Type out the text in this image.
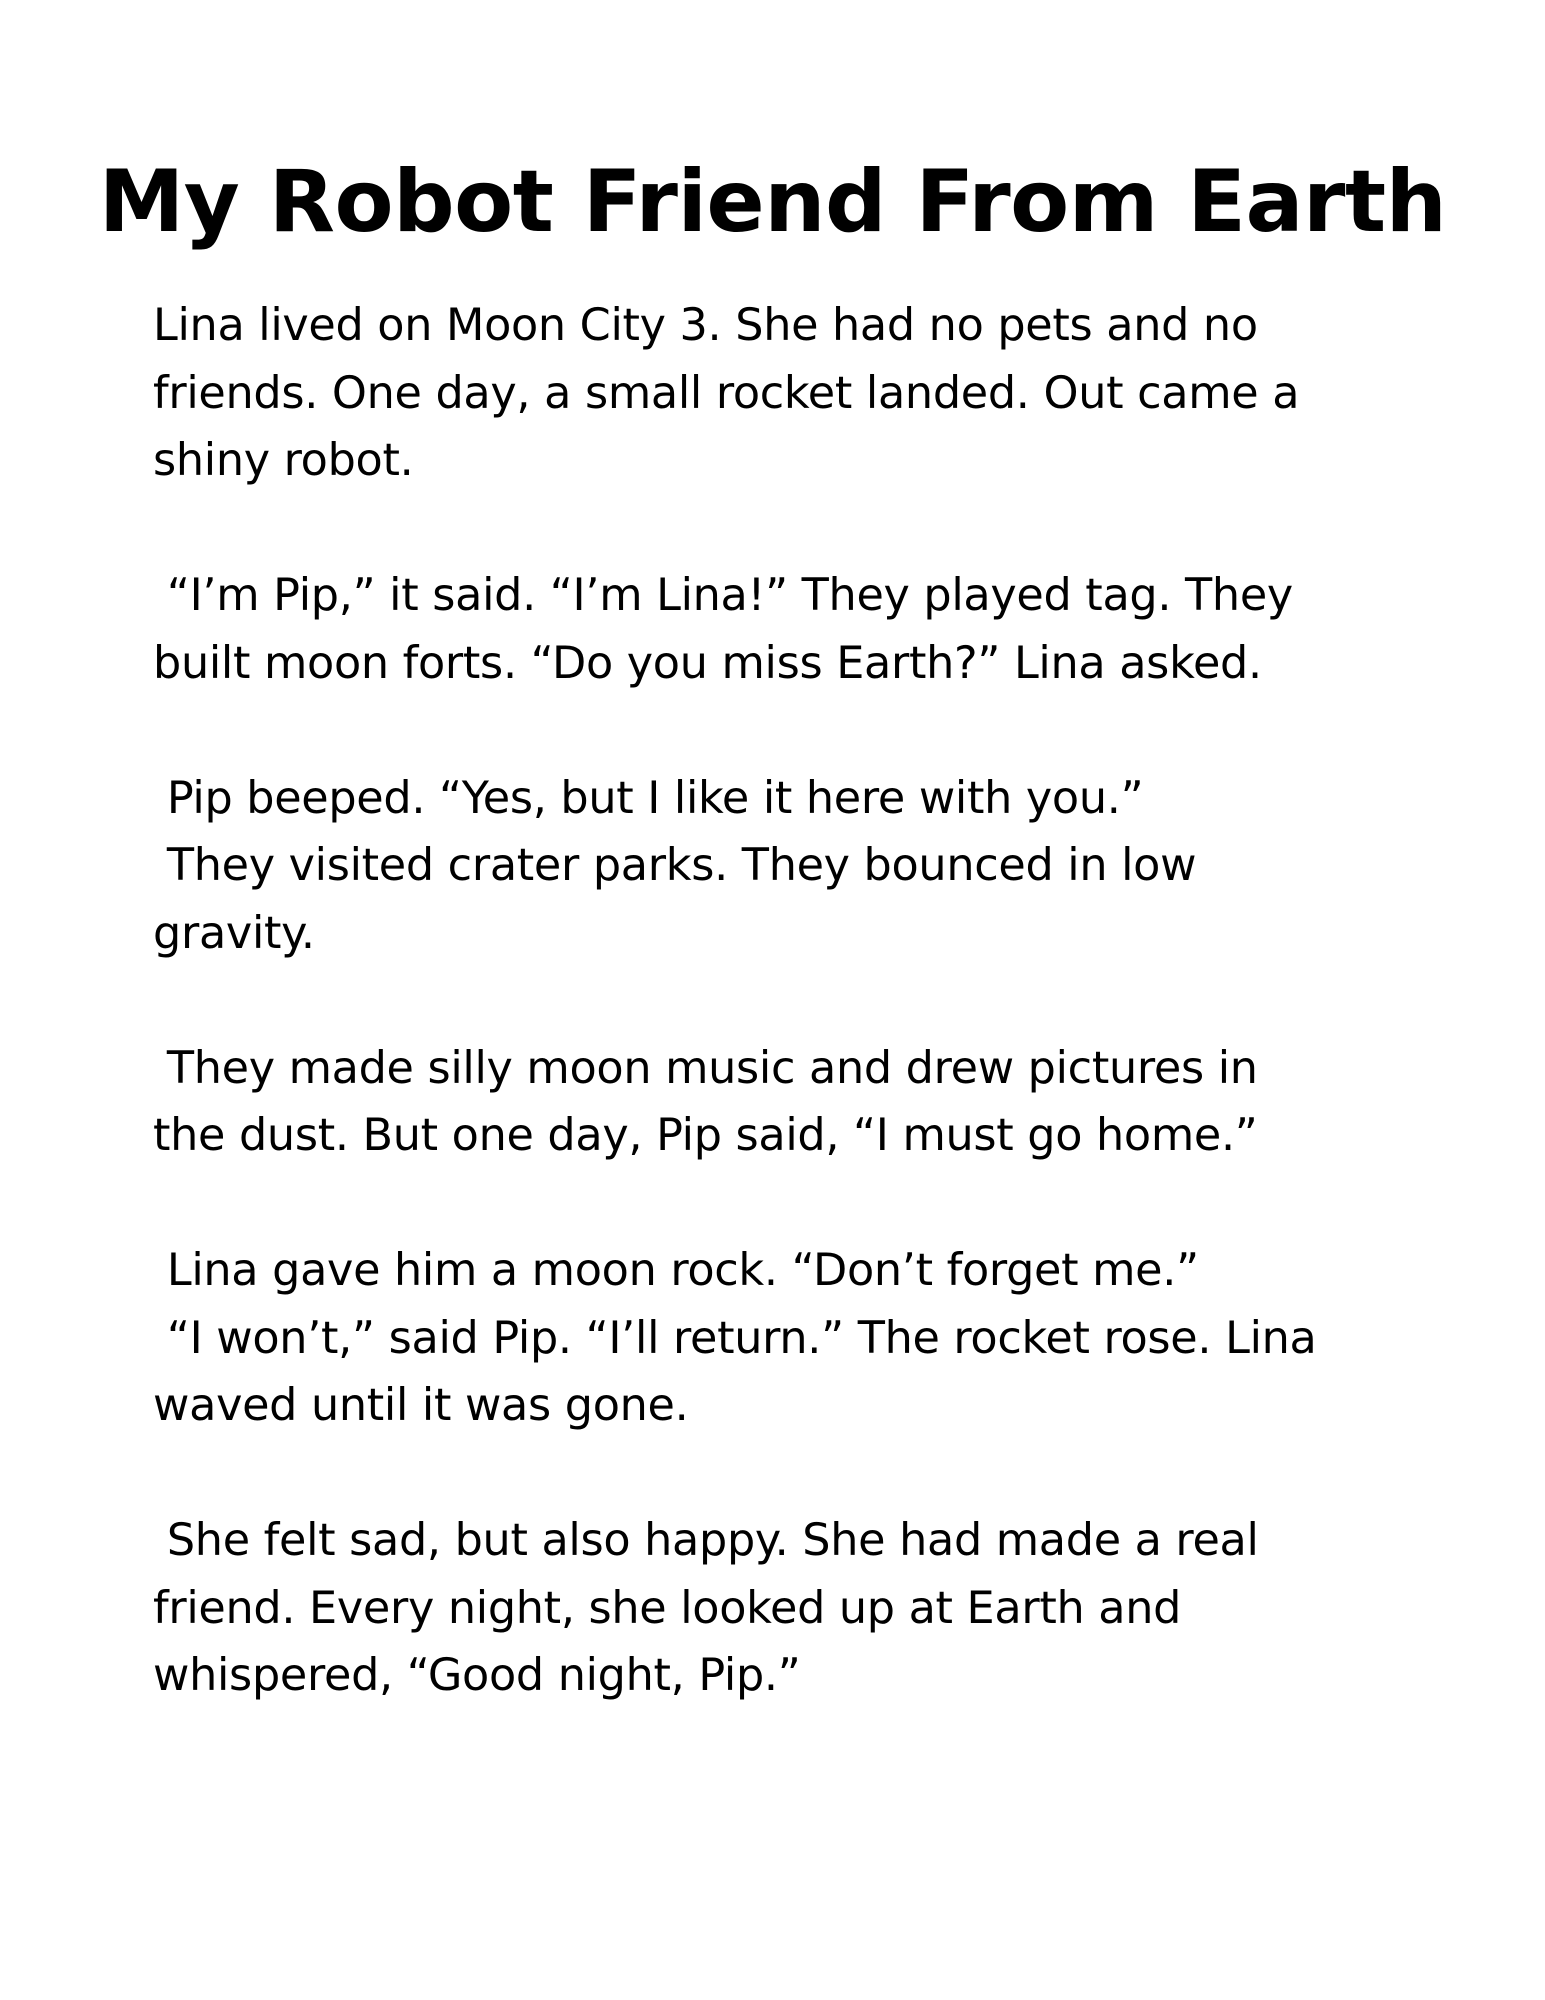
My Robot Friend From Earth
Lina lived on Moon City 3. She had no pets and no
friends. One day, a small rocket landed. Out came a
shiny robot.
“I’m Pip,” it said. “I’m Lina!” They played tag. They
built moon forts. “Do you miss Earth?” Lina asked.
Pip beeped. “Yes, but I like it here with you.”
They visited crater parks. They bounced in low
gravity.
They made silly moon music and drew pictures in
the dust. But one day, Pip said, “I must go home.”
Lina gave him a moon rock. “Don’t forget me.”
“I won’t,” said Pip. “I’ll return.” The rocket rose. Lina
waved until it was gone.
She felt sad, but also happy. She had made a real
friend. Every night, she looked up at Earth and
whispered, “Good night, Pip.”
